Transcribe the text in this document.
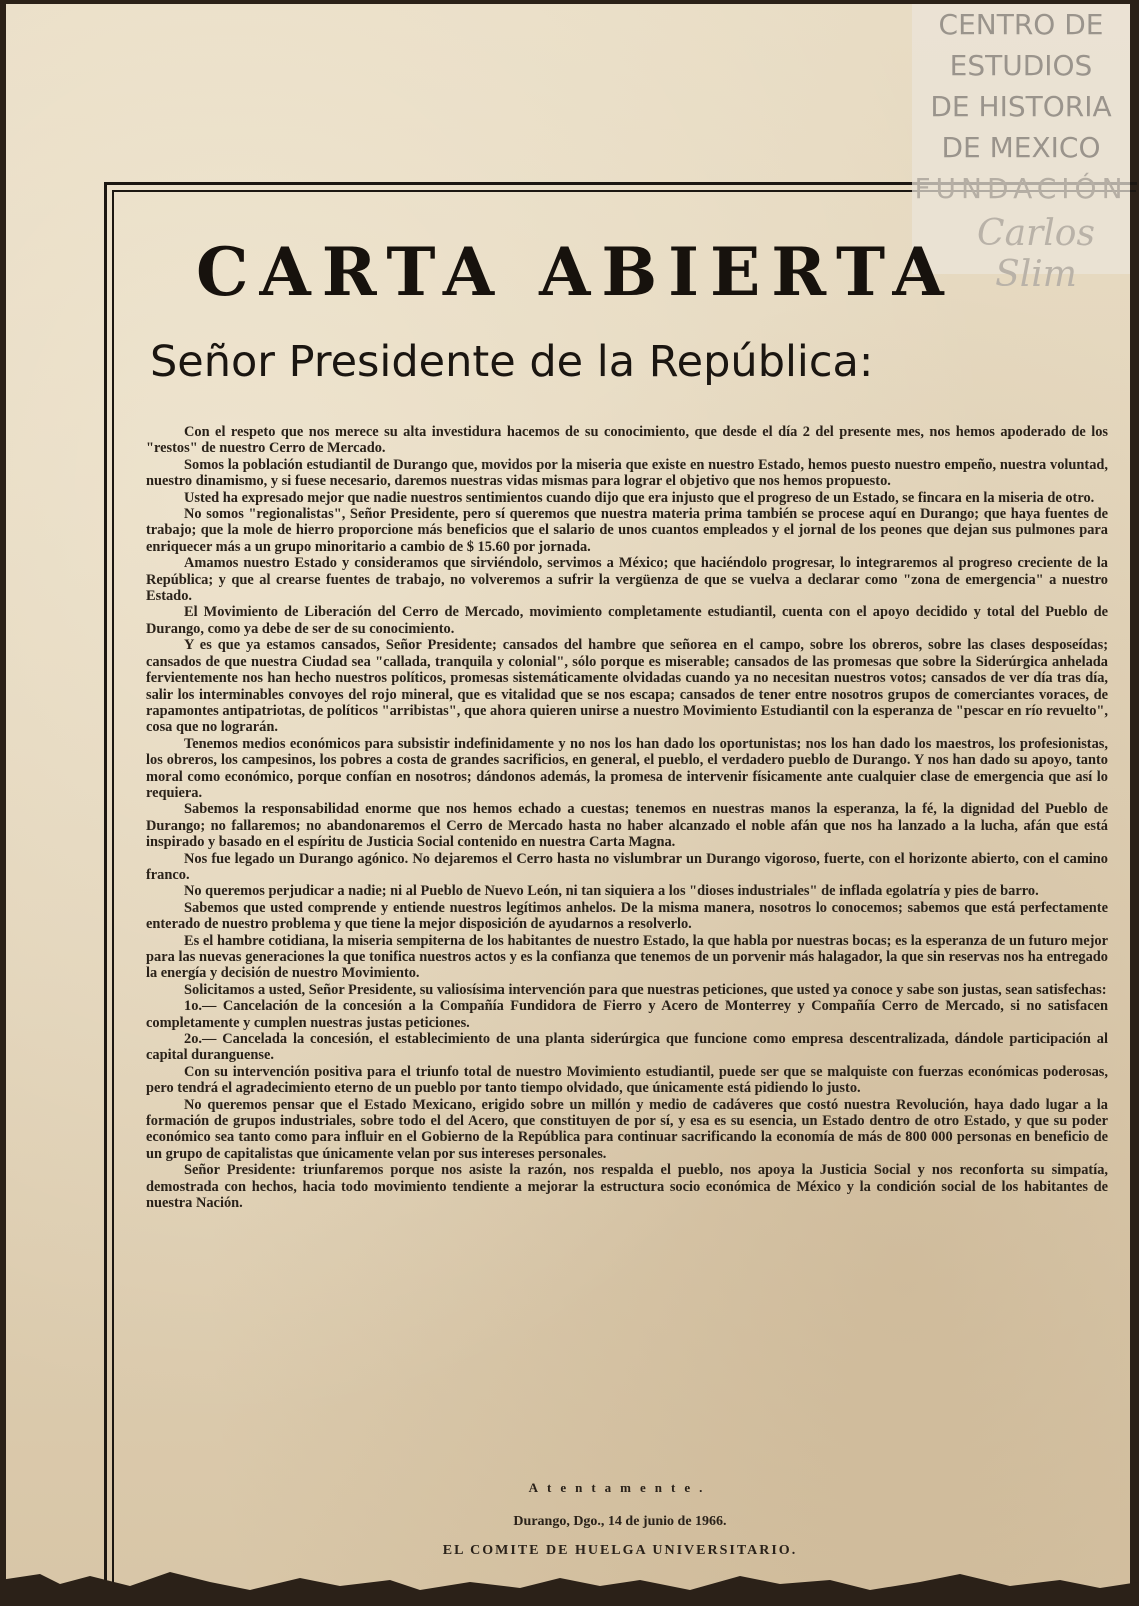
CENTRO DE
ESTUDIOS
DE HISTORIA
DE MEXICO
FUNDACIÓN
Carlos Slim
CARTA ABIERTA
Señor Presidente de la República:

Con el respeto que nos merece su alta investidura hacemos de su conocimiento, que desde el día 2 del presente mes, nos hemos apoderado de los "restos" de nuestro Cerro de Mercado.

Somos la población estudiantil de Durango que, movidos por la miseria que existe en nuestro Estado, hemos puesto nuestro empeño, nuestra voluntad, nuestro dinamismo, y si fuese necesario, daremos nuestras vidas mismas para lograr el objetivo que nos hemos propuesto.

Usted ha expresado mejor que nadie nuestros sentimientos cuando dijo que era injusto que el progreso de un Estado, se fincara en la miseria de otro.

No somos "regionalistas", Señor Presidente, pero sí queremos que nuestra materia prima también se procese aquí en Durango; que haya fuentes de trabajo; que la mole de hierro proporcione más beneficios que el salario de unos cuantos empleados y el jornal de los peones que dejan sus pulmones para enriquecer más a un grupo minoritario a cambio de $ 15.60 por jornada.

Amamos nuestro Estado y consideramos que sirviéndolo, servimos a México; que haciéndolo progresar, lo integraremos al progreso creciente de la República; y que al crearse fuentes de trabajo, no volveremos a sufrir la vergüenza de que se vuelva a declarar como "zona de emergencia" a nuestro Estado.

El Movimiento de Liberación del Cerro de Mercado, movimiento completamente estudiantil, cuenta con el apoyo decidido y total del Pueblo de Durango, como ya debe de ser de su conocimiento.

Y es que ya estamos cansados, Señor Presidente; cansados del hambre que señorea en el campo, sobre los obreros, sobre las clases desposeídas; cansados de que nuestra Ciudad sea "callada, tranquila y colonial", sólo porque es miserable; cansados de las promesas que sobre la Siderúrgica anhelada fervientemente nos han hecho nuestros políticos, promesas sistemáticamente olvidadas cuando ya no necesitan nuestros votos; cansados de ver día tras día, salir los interminables convoyes del rojo mineral, que es vitalidad que se nos escapa; cansados de tener entre nosotros grupos de comerciantes voraces, de rapamontes antipatriotas, de políticos "arribistas", que ahora quieren unirse a nuestro Movimiento Estudiantil con la esperanza de "pescar en río revuelto", cosa que no lograrán.

Tenemos medios económicos para subsistir indefinidamente y no nos los han dado los oportunistas; nos los han dado los maestros, los profesionistas, los obreros, los campesinos, los pobres a costa de grandes sacrificios, en general, el pueblo, el verdadero pueblo de Durango. Y nos han dado su apoyo, tanto moral como económico, porque confían en nosotros; dándonos además, la promesa de intervenir físicamente ante cualquier clase de emergencia que así lo requiera.

Sabemos la responsabilidad enorme que nos hemos echado a cuestas; tenemos en nuestras manos la esperanza, la fé, la dignidad del Pueblo de Durango; no fallaremos; no abandonaremos el Cerro de Mercado hasta no haber alcanzado el noble afán que nos ha lanzado a la lucha, afán que está inspirado y basado en el espíritu de Justicia Social contenido en nuestra Carta Magna.

Nos fue legado un Durango agónico. No dejaremos el Cerro hasta no vislumbrar un Durango vigoroso, fuerte, con el horizonte abierto, con el camino franco.

No queremos perjudicar a nadie; ni al Pueblo de Nuevo León, ni tan siquiera a los "dioses industriales" de inflada egolatría y pies de barro.

Sabemos que usted comprende y entiende nuestros legítimos anhelos. De la misma manera, nosotros lo conocemos; sabemos que está perfectamente enterado de nuestro problema y que tiene la mejor disposición de ayudarnos a resolverlo.

Es el hambre cotidiana, la miseria sempiterna de los habitantes de nuestro Estado, la que habla por nuestras bocas; es la esperanza de un futuro mejor para las nuevas generaciones la que tonifica nuestros actos y es la confianza que tenemos de un porvenir más halagador, la que sin reservas nos ha entregado la energía y decisión de nuestro Movimiento.

Solicitamos a usted, Señor Presidente, su valiosísima intervención para que nuestras peticiones, que usted ya conoce y sabe son justas, sean satisfechas:

1o.— Cancelación de la concesión a la Compañía Fundidora de Fierro y Acero de Monterrey y Compañía Cerro de Mercado, si no satisfacen completamente y cumplen nuestras justas peticiones.

2o.— Cancelada la concesión, el establecimiento de una planta siderúrgica que funcione como empresa descentralizada, dándole participación al capital duranguense.

Con su intervención positiva para el triunfo total de nuestro Movimiento estudiantil, puede ser que se malquiste con fuerzas económicas poderosas, pero tendrá el agradecimiento eterno de un pueblo por tanto tiempo olvidado, que únicamente está pidiendo lo justo.

No queremos pensar que el Estado Mexicano, erigido sobre un millón y medio de cadáveres que costó nuestra Revolución, haya dado lugar a la formación de grupos industriales, sobre todo el del Acero, que constituyen de por sí, y esa es su esencia, un Estado dentro de otro Estado, y que su poder económico sea tanto como para influir en el Gobierno de la República para continuar sacrificando la economía de más de 800 000 personas en beneficio de un grupo de capitalistas que únicamente velan por sus intereses personales.

Señor Presidente: triunfaremos porque nos asiste la razón, nos respalda el pueblo, nos apoya la Justicia Social y nos reconforta su simpatía, demostrada con hechos, hacia todo movimiento tendiente a mejorar la estructura socio económica de México y la condición social de los habitantes de nuestra Nación.

Atentamente.
Durango, Dgo., 14 de junio de 1966.
EL COMITE DE HUELGA UNIVERSITARIO.
